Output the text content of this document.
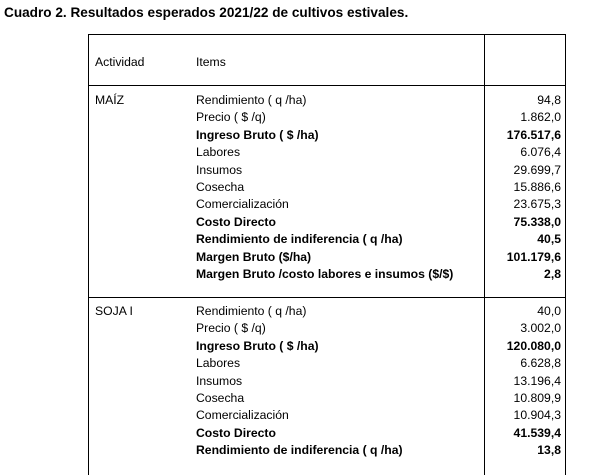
Cuadro 2. Resultados esperados 2021/22 de cultivos estivales.
Actividad	Items
MAÍZ	Rendimiento ( q /ha)	94,8
Precio ( $ /q)	1.862,0
Ingreso Bruto ( $ /ha)	176.517,6
Labores	6.076,4
Insumos	29.699,7
Cosecha	15.886,6
Comercialización	23.675,3
Costo Directo	75.338,0
Rendimiento de indiferencia ( q /ha)	40,5
Margen Bruto ($/ha)	101.179,6
Margen Bruto /costo labores e insumos ($/$)	2,8
SOJA I	Rendimiento ( q /ha)	40,0
Precio ( $ /q)	3.002,0
Ingreso Bruto ( $ /ha)	120.080,0
Labores	6.628,8
Insumos	13.196,4
Cosecha	10.809,9
Comercialización	10.904,3
Costo Directo	41.539,4
Rendimiento de indiferencia ( q /ha)	13,8
